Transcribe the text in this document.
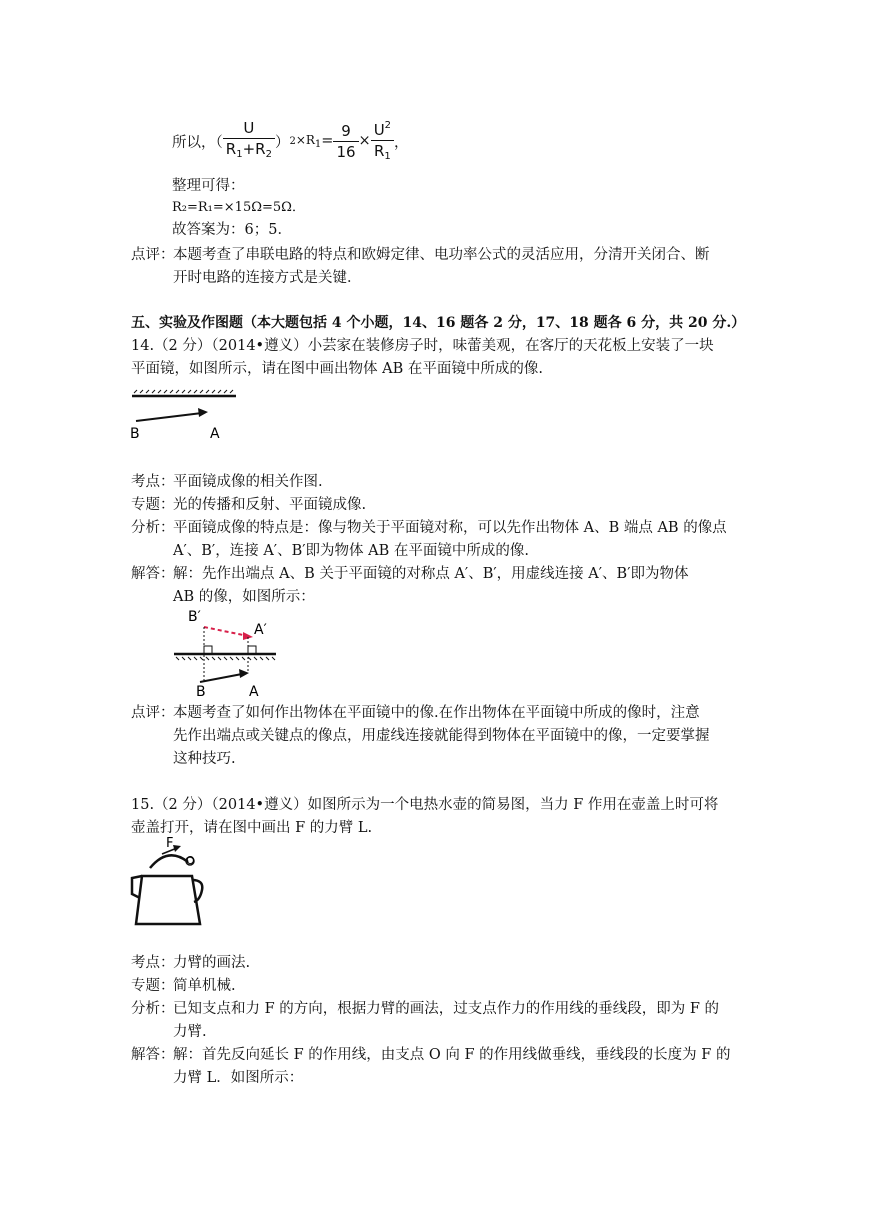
所以，（ $\frac{U}{R_1+R_2}$ ） $2 \times R_1 = \frac{9}{16} \times \frac{U^2}{R_1}$ ，
整理可得：
R₂=R₁=×15Ω=5Ω．
故答案为：6；5．
点评：
本题考查了串联电路的特点和欧姆定律、电功率公式的灵活应用，分清开关闭合、断
开时电路的连接方式是关键．
五、实验及作图题（本大题包括 4 个小题，14、16 题各 2 分，17、18 题各 6 分，共 20 分.）
14.（2 分）（2014•遵义）小芸家在装修房子时，味蕾美观，在客厅的天花板上安装了一块
平面镜，如图所示，请在图中画出物体 AB 在平面镜中所成的像.
B	A
考点：
平面镜成像的相关作图.
专题：
光的传播和反射、平面镜成像.
分析：
平面镜成像的特点是：像与物关于平面镜对称，可以先作出物体 A、B 端点 AB 的像点
A′、B′，连接 A′、B′即为物体 AB 在平面镜中所成的像.
解答：
解：先作出端点 A、B 关于平面镜的对称点 A′、B′，用虚线连接 A′、B′即为物体
AB 的像，如图所示：
B′
A′
B	A
点评：
本题考查了如何作出物体在平面镜中的像.在作出物体在平面镜中所成的像时，注意
先作出端点或关键点的像点，用虚线连接就能得到物体在平面镜中的像，一定要掌握
这种技巧.
15.（2 分）（2014•遵义）如图所示为一个电热水壶的简易图，当力 F 作用在壶盖上时可将
壶盖打开，请在图中画出 F 的力臂 L.
F
O
考点：
力臂的画法.
专题：
简单机械.
分析：
已知支点和力 F 的方向，根据力臂的画法，过支点作力的作用线的垂线段，即为 F 的
力臂.
解答：
解：首先反向延长 F 的作用线，由支点 O 向 F 的作用线做垂线，垂线段的长度为 F 的
力臂 L．如图所示：
